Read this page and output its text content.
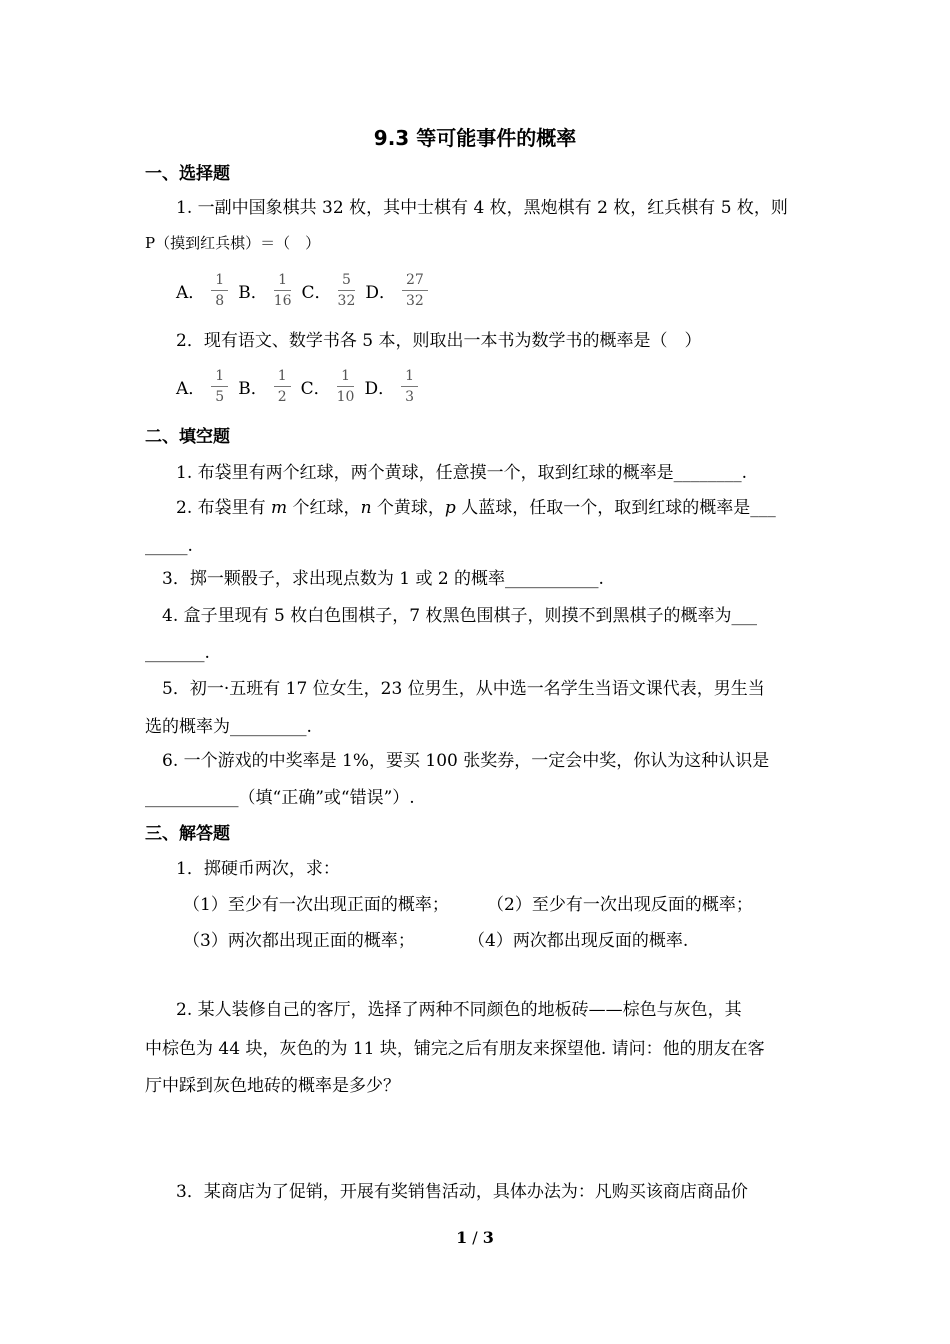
9.3 等可能事件的概率
一、选择题
1. 一副中国象棋共 32 枚，其中士棋有 4 枚，黑炮棋有 2 枚，红兵棋有 5 枚，则
P（摸到红兵棋）＝（　）
A． $\frac{1}{8}$ B． $\frac{1}{16}$ C． $\frac{5}{32}$ D． $\frac{27}{32}$
2．现有语文、数学书各 5 本，则取出一本书为数学书的概率是（　）
A． $\frac{1}{5}$ B． $\frac{1}{2}$ C． $\frac{1}{10}$ D． $\frac{1}{3}$
二、填空题
1. 布袋里有两个红球，两个黄球，任意摸一个，取到红球的概率是________.
2. 布袋里有 m 个红球，n 个黄球，p 人蓝球，任取一个，取到红球的概率是___
_____.
3．掷一颗骰子，求出现点数为 1 或 2 的概率___________.
4. 盒子里现有 5 枚白色围棋子，7 枚黑色围棋子，则摸不到黑棋子的概率为___
_______.
5．初一·五班有 17 位女生，23 位男生，从中选一名学生当语文课代表，男生当
选的概率为_________.
6. 一个游戏的中奖率是 1%，要买 100 张奖券，一定会中奖，你认为这种认识是
___________（填“正确”或“错误”）.
三、解答题
1．掷硬币两次，求：
（1）至少有一次出现正面的概率； （2）至少有一次出现反面的概率；
（3）两次都出现正面的概率；	（4）两次都出现反面的概率.
2. 某人装修自己的客厅，选择了两种不同颜色的地板砖——棕色与灰色，其
中棕色为 44 块，灰色的为 11 块，铺完之后有朋友来探望他. 请问：他的朋友在客
厅中踩到灰色地砖的概率是多少？
3．某商店为了促销，开展有奖销售活动，具体办法为：凡购买该商店商品价
1 / 3
